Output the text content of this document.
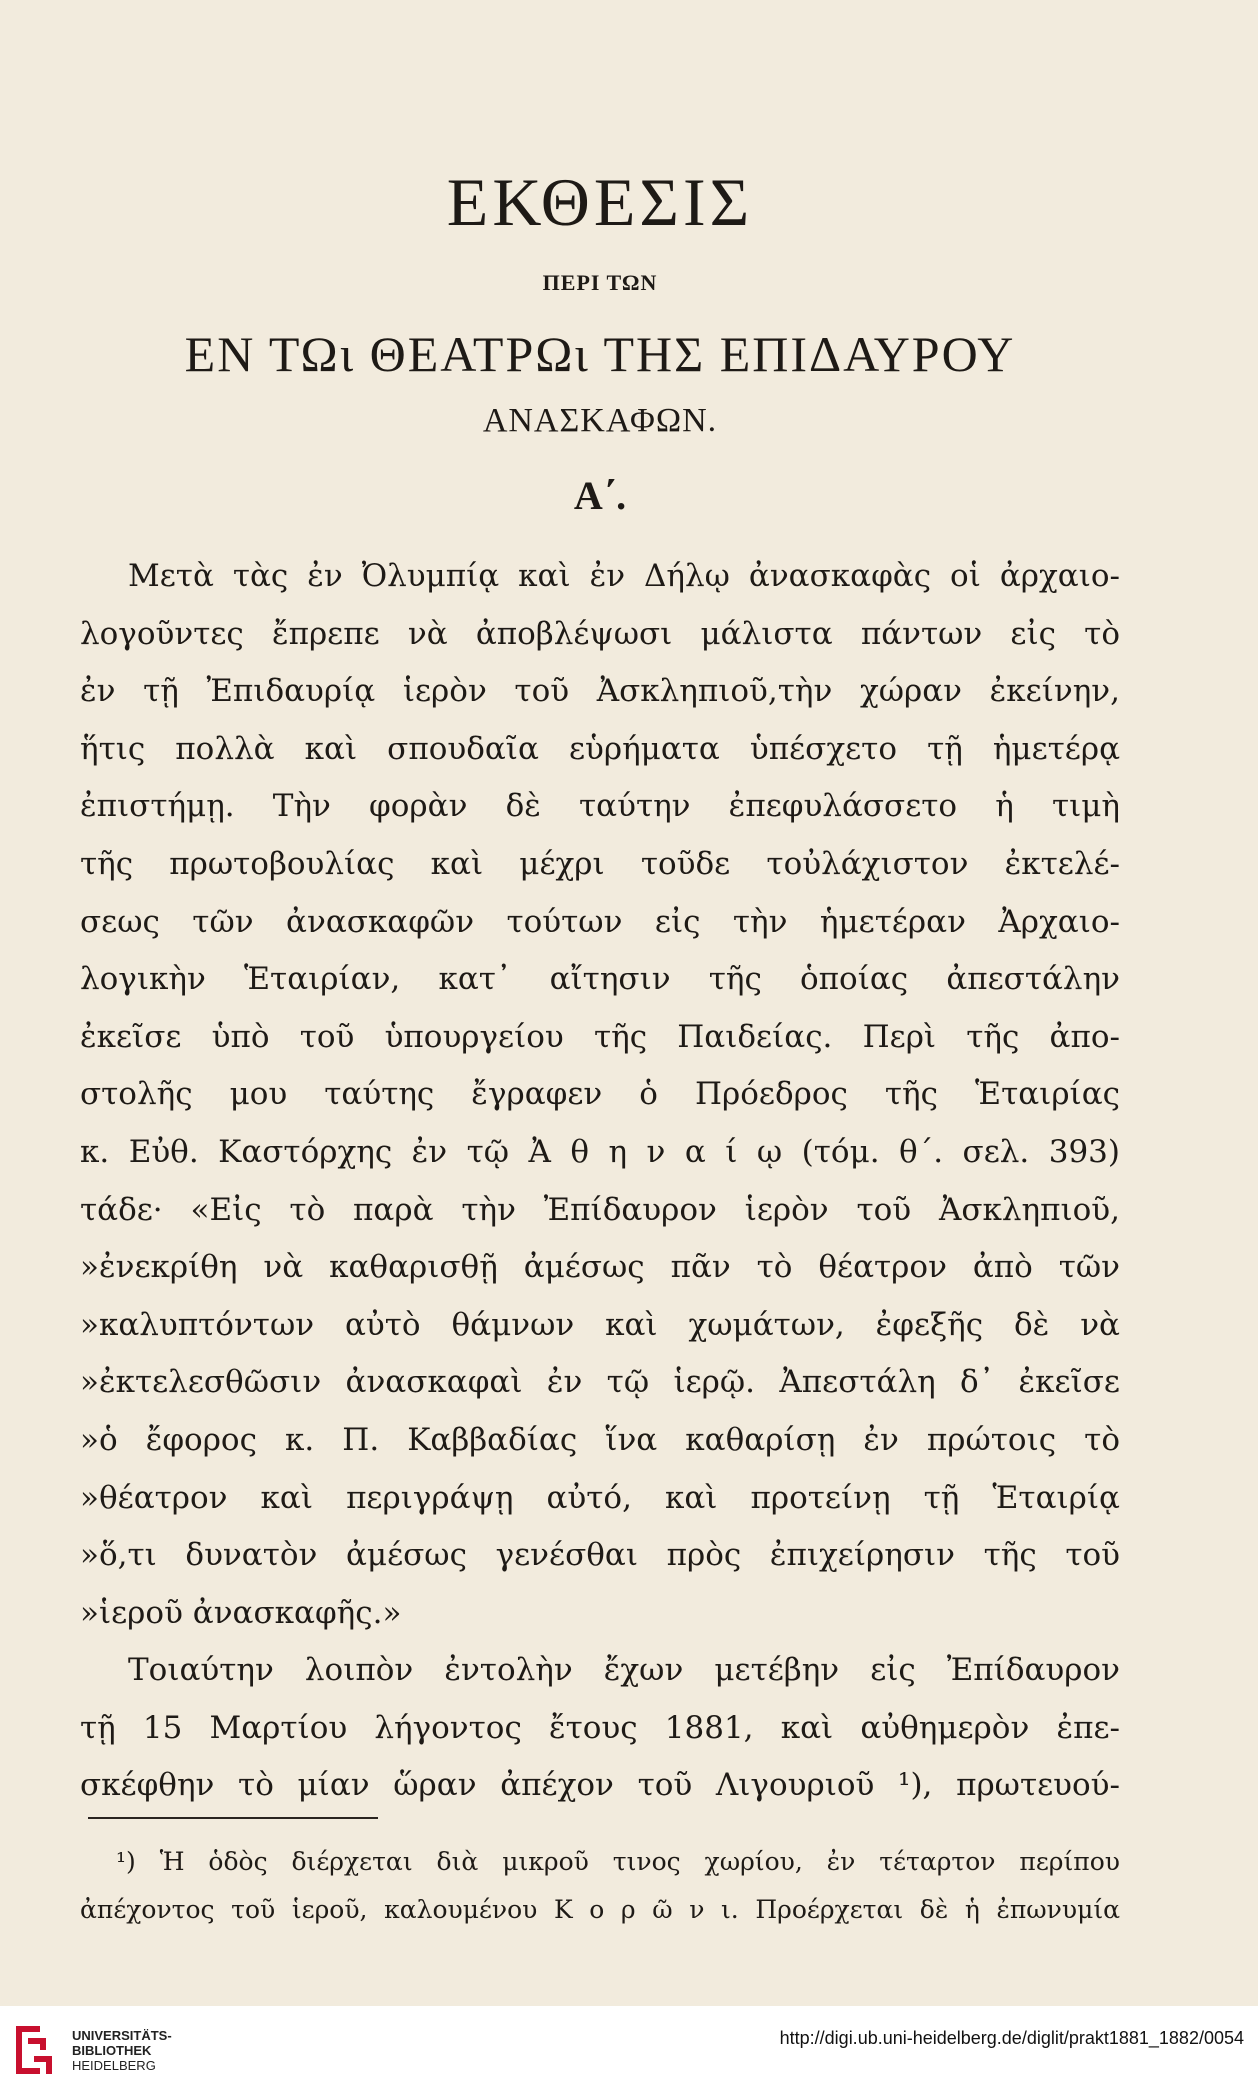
ΕΚΘΕΣΙΣ
ΠΕΡΙ ΤΩΝ
ΕΝ ΤΩι ΘΕΑΤΡΩι ΤΗΣ ΕΠΙΔΑΥΡΟΥ
ΑΝΑΣΚΑΦΩΝ.
Α΄.
Μετὰ τὰς ἐν Ὀλυμπίᾳ καὶ ἐν Δήλῳ ἀνασκαφὰς οἱ ἀρχαιο-
λογοῦντες ἔπρεπε νὰ ἀποβλέψωσι μάλιστα πάντων εἰς τὸ
ἐν τῇ Ἐπιδαυρίᾳ ἱερὸν τοῦ Ἀσκληπιοῦ,τὴν χώραν ἐκείνην,
ἥτις πολλὰ καὶ σπουδαῖα εὑρήματα ὑπέσχετο τῇ ἡμετέρᾳ
ἐπιστήμῃ. Τὴν φορὰν δὲ ταύτην ἐπεφυλάσσετο ἡ τιμὴ
τῆς πρωτοβουλίας καὶ μέχρι τοῦδε τοὐλάχιστον ἐκτελέ-
σεως τῶν ἀνασκαφῶν τούτων εἰς τὴν ἡμετέραν Ἀρχαιο-
λογικὴν Ἑταιρίαν, κατ᾽ αἴτησιν τῆς ὁποίας ἀπεστάλην
ἐκεῖσε ὑπὸ τοῦ ὑπουργείου τῆς Παιδείας. Περὶ τῆς ἀπο-
στολῆς μου ταύτης ἔγραφεν ὁ Πρόεδρος τῆς Ἑταιρίας
κ. Εὐθ. Καστόρχης ἐν τῷ Ἀ θ η ν α ί ῳ (τόμ. θ΄. σελ. 393)
τάδε· «Εἰς τὸ παρὰ τὴν Ἐπίδαυρον ἱερὸν τοῦ Ἀσκληπιοῦ,
»ἐνεκρίθη νὰ καθαρισθῇ ἀμέσως πᾶν τὸ θέατρον ἀπὸ τῶν
»καλυπτόντων αὐτὸ θάμνων καὶ χωμάτων, ἐφεξῆς δὲ νὰ
»ἐκτελεσθῶσιν ἀνασκαφαὶ ἐν τῷ ἱερῷ. Ἀπεστάλη δ᾽ ἐκεῖσε
»ὁ ἔφορος κ. Π. Καββαδίας ἵνα καθαρίσῃ ἐν πρώτοις τὸ
»θέατρον καὶ περιγράψῃ αὐτό, καὶ προτείνῃ τῇ Ἑταιρίᾳ
»ὅ,τι δυνατὸν ἀμέσως γενέσθαι πρὸς ἐπιχείρησιν τῆς τοῦ
»ἱεροῦ ἀνασκαφῆς.»
Τοιαύτην λοιπὸν ἐντολὴν ἔχων μετέβην εἰς Ἐπίδαυρον
τῇ 15 Μαρτίου λήγοντος ἔτους 1881, καὶ αὐθημερὸν ἐπε-
σκέφθην τὸ μίαν ὥραν ἀπέχον τοῦ Λιγουριοῦ ¹), πρωτευού-
¹) Ἡ ὁδὸς διέρχεται διὰ μικροῦ τινος χωρίου, ἐν τέταρτον περίπου
ἀπέχοντος τοῦ ἱεροῦ, καλουμένου Κ ο ρ ῶ ν ι. Προέρχεται δὲ ἡ ἐπωνυμία
UNIVERSITÄTS-
BIBLIOTHEK
HEIDELBERG
http://digi.ub.uni-heidelberg.de/diglit/prakt1881_1882/0054
